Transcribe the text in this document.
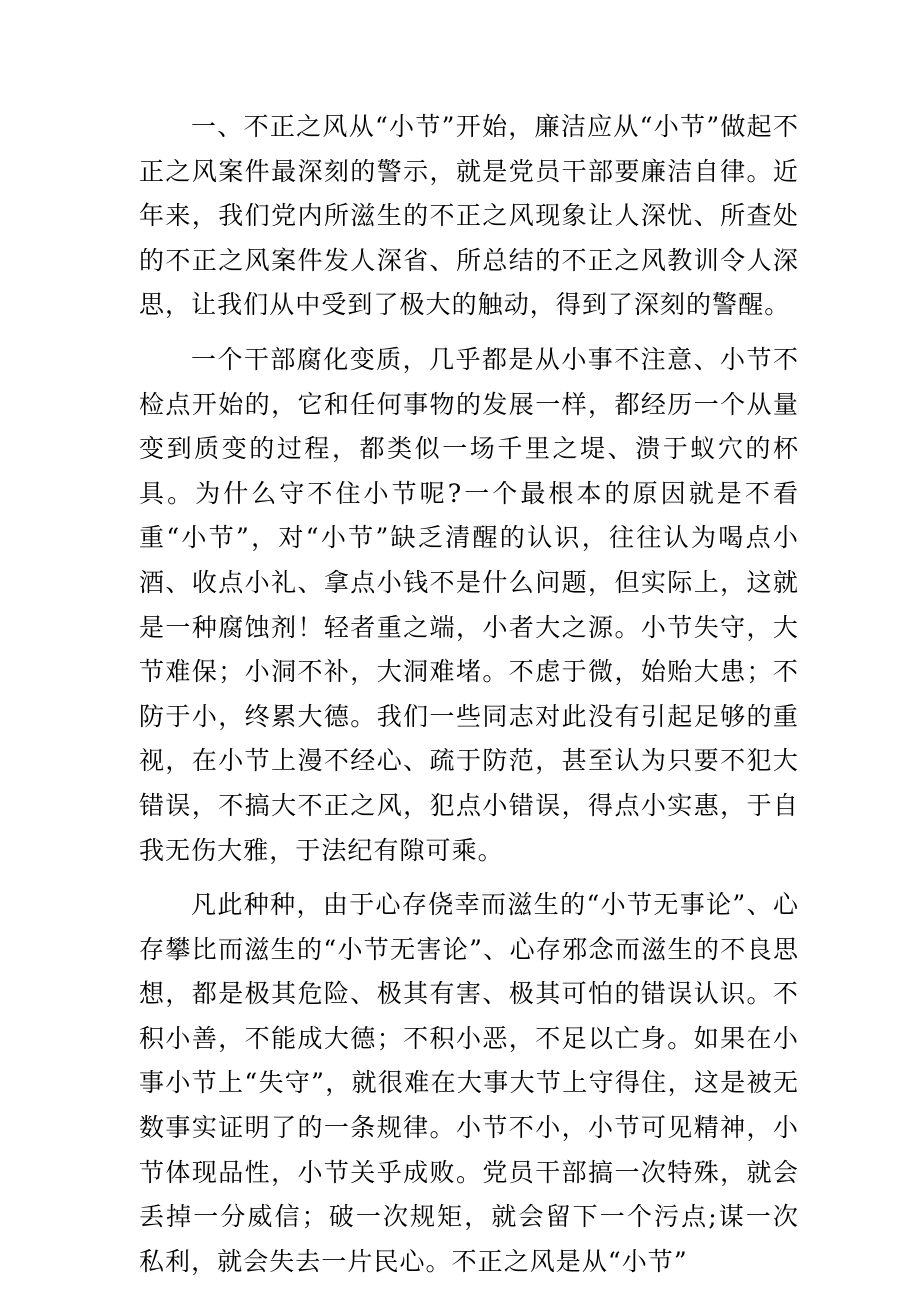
一、不正之风从“小节”开始，廉洁应从“小节”做起不正之风案件最深刻的警示，就是党员干部要廉洁自律。近年来，我们党内所滋生的不正之风现象让人深忧、所查处的不正之风案件发人深省、所总结的不正之风教训令人深思，让我们从中受到了极大的触动，得到了深刻的警醒。

一个干部腐化变质，几乎都是从小事不注意、小节不检点开始的，它和任何事物的发展一样，都经历一个从量变到质变的过程，都类似一场千里之堤、溃于蚁穴的杯具。为什么守不住小节呢?一个最根本的原因就是不看重“小节”，对“小节”缺乏清醒的认识，往往认为喝点小酒、收点小礼、拿点小钱不是什么问题，但实际上，这就是一种腐蚀剂！轻者重之端，小者大之源。小节失守，大节难保；小洞不补，大洞难堵。不虑于微，始贻大患；不防于小，终累大德。我们一些同志对此没有引起足够的重视，在小节上漫不经心、疏于防范，甚至认为只要不犯大错误，不搞大不正之风，犯点小错误，得点小实惠，于自我无伤大雅，于法纪有隙可乘。

凡此种种，由于心存侥幸而滋生的“小节无事论”、心存攀比而滋生的“小节无害论”、心存邪念而滋生的不良思想，都是极其危险、极其有害、极其可怕的错误认识。不积小善，不能成大德；不积小恶，不足以亡身。如果在小事小节上“失守”，就很难在大事大节上守得住，这是被无数事实证明了的一条规律。小节不小，小节可见精神，小节体现品性，小节关乎成败。党员干部搞一次特殊，就会丢掉一分威信；破一次规矩，就会留下一个污点;谋一次私利，就会失去一片民心。不正之风是从“小节”
